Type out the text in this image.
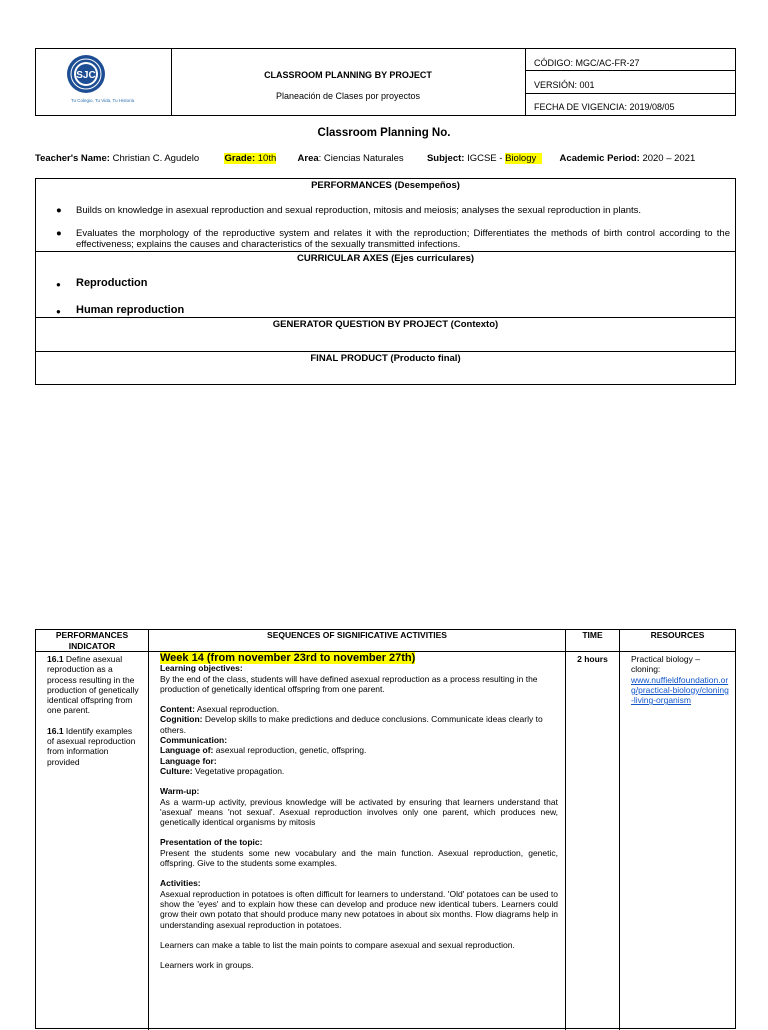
SJC
Tu Colegio, Tu Vida, Tu Historia
CLASSROOM PLANNING BY PROJECT
Planeación de Clases por proyectos
CÓDIGO: MGC/AC-FR-27
VERSIÓN: 001
FECHA DE VIGENCIA: 2019/08/05
Classroom Planning No.
Teacher's Name: Christian C. Agudelo	Grade: 10th Area: Ciencias Naturales Subject: IGCSE - Biology Academic Period: 2020 – 2021
PERFORMANCES (Desempeños)
● Builds on knowledge in asexual reproduction and sexual reproduction, mitosis and meiosis; analyses the sexual reproduction in plants.
● Evaluates the morphology of the reproductive system and relates it with the reproduction; Differentiates the methods of birth control according to the effectiveness; explains the causes and characteristics of the sexually transmitted infections.
CURRICULAR AXES (Ejes curriculares)
● Reproduction
● Human reproduction
GENERATOR QUESTION BY PROJECT (Contexto)
FINAL PRODUCT (Producto final)
PERFORMANCES INDICATOR
SEQUENCES OF SIGNIFICATIVE ACTIVITIES	TIME	RESOURCES
16.1 Define asexual reproduction as a process resulting in the production of genetically identical offspring from one parent.
16.1 Identify examples of asexual reproduction from information provided

Week 14 (from november 23rd to november 27th)

Learning objectives:

By the end of the class, students will have defined asexual reproduction as a process resulting in the production of genetically identical offspring from one parent.

Content: Asexual reproduction.

Cognition: Develop skills to make predictions and deduce conclusions. Communicate ideas clearly to others.

Communication:

Language of: asexual reproduction, genetic, offspring.

Language for:

Culture: Vegetative propagation.

Warm-up:

As a warm-up activity, previous knowledge will be activated by ensuring that learners understand that 'asexual' means 'not sexual'. Asexual reproduction involves only one parent, which produces new, genetically identical organisms by mitosis

Presentation of the topic:

Present the students some new vocabulary and the main function. Asexual reproduction, genetic, offspring. Give to the students some examples.

Activities:

Asexual reproduction in potatoes is often difficult for learners to understand. 'Old' potatoes can be used to show the 'eyes' and to explain how these can develop and produce new identical tubers. Learners could grow their own potato that should produce many new potatoes in about six months. Flow diagrams help in understanding asexual reproduction in potatoes.

Learners can make a table to list the main points to compare asexual and sexual reproduction.

Learners work in groups.

2 hours	Practical biology – cloning:
www.nuffieldfoundation.org/practical-biology/cloning-living-organism
